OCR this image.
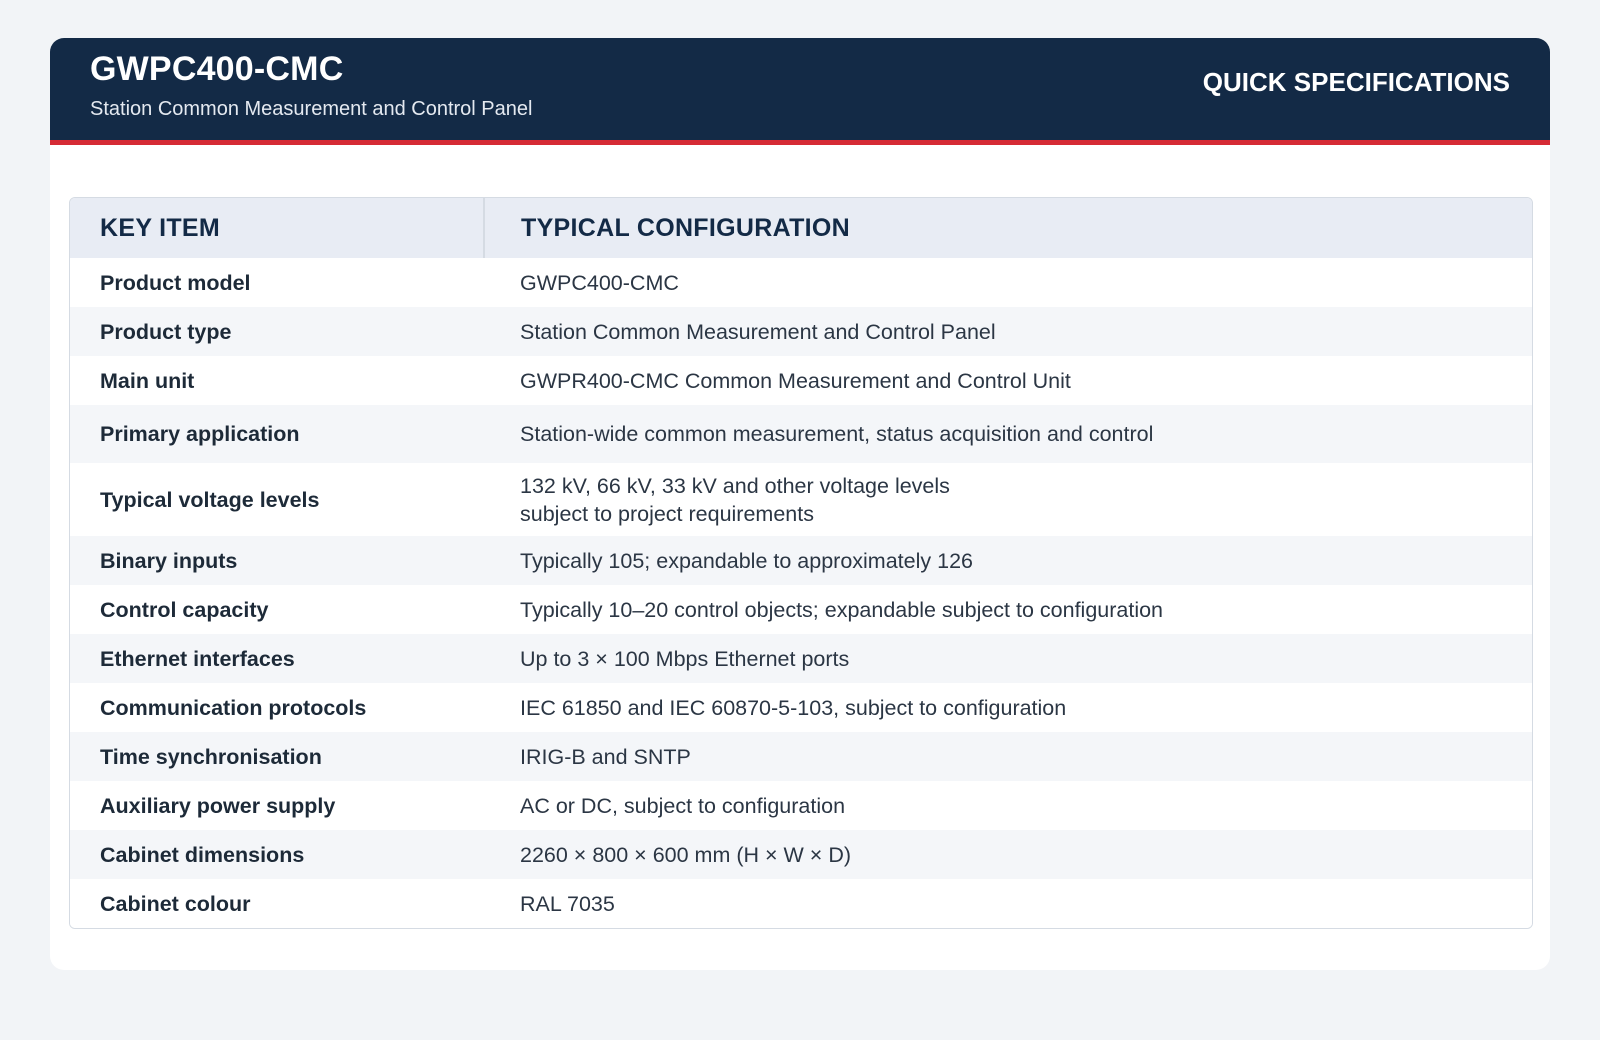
GWPC400-CMC
Station Common Measurement and Control Panel
QUICK SPECIFICATIONS
KEY ITEM	TYPICAL CONFIGURATION
Product model	GWPC400-CMC
Product type	Station Common Measurement and Control Panel
Main unit	GWPR400-CMC Common Measurement and Control Unit
Primary application	Station-wide common measurement, status acquisition and control
Typical voltage levels	132 kV, 66 kV, 33 kV and other voltage levels
subject to project requirements

Binary inputs	Typically 105; expandable to approximately 126
Control capacity	Typically 10–20 control objects; expandable subject to configuration
Ethernet interfaces	Up to 3 × 100 Mbps Ethernet ports
Communication protocols	IEC 61850 and IEC 60870-5-103, subject to configuration
Time synchronisation	IRIG-B and SNTP
Auxiliary power supply	AC or DC, subject to configuration
Cabinet dimensions	2260 × 800 × 600 mm (H × W × D)
Cabinet colour	RAL 7035
